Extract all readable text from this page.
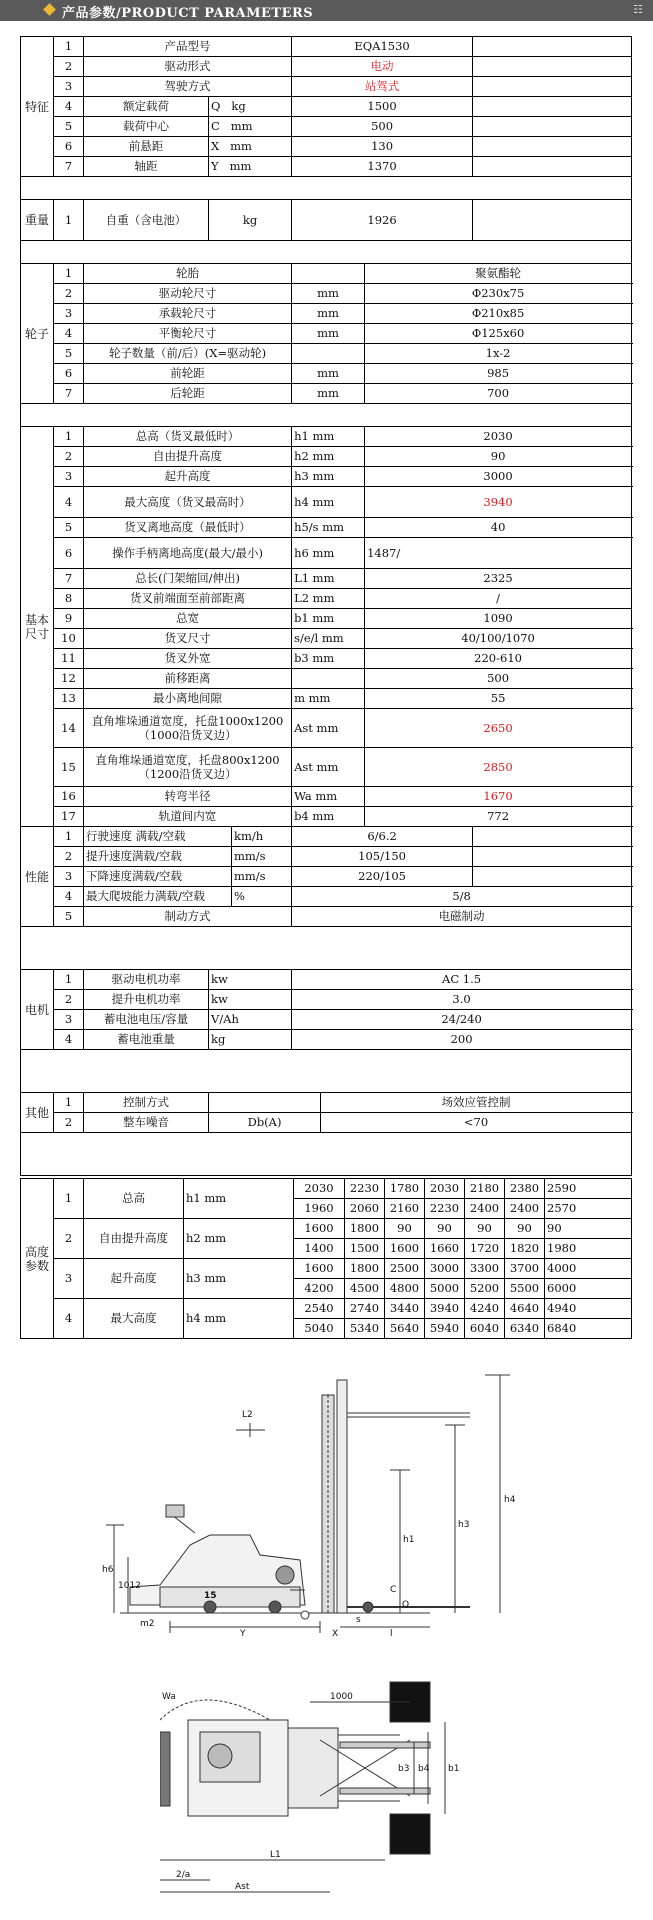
产品参数/PRODUCT PARAMETERS	☷
特征	1	产品型号			EQA1530				
	2	驱动形式			电动				
	3	驾驶方式			站驾式				
	4	额定载荷	Q kg		1500				
	5	载荷中心	C mm		500				
	6	前悬距	X mm		130				
	7	轴距	Y mm		1370				

重量	1	自重（含电池）	kg		1926				

轮子	1	轮胎					聚氨酯轮		
	2	驱动轮尺寸			mm		Φ230x75		
	3	承载轮尺寸			mm		Φ210x85		
	4	平衡轮尺寸			mm		Φ125x60		
	5	轮子数量（前/后）(X=驱动轮)					1x-2		
	6	前轮距			mm		985		
	7	后轮距			mm		700		

基本尺寸	1	总高（货叉最低时）			h1 mm		2030		
	2	自由提升高度			h2 mm		90		
	3	起升高度			h3 mm		3000		
	4	最大高度（货叉最高时）			h4 mm		3940		
	5	货叉离地高度（最低时）			h5/s mm		40		
	6	操作手柄离地高度(最大/最小)			h6 mm		1487/		
	7	总长(门架缩回/伸出)			L1 mm		2325	
	8	货叉前端面至前部距离			L2 mm		/	
	9	总宽			b1 mm		1090		
	10	货叉尺寸			s/e/l mm		40/100/1070		
	11	货叉外宽			b3 mm		220-610		
	12	前移距离					500		
	13	最小离地间隙			m mm		55		
	14	直角堆垛通道宽度，托盘1000x1200（1000沿货叉边）			Ast mm		2650		
	15	直角堆垛通道宽度，托盘800x1200（1200沿货叉边）			Ast mm		2850		
	16	转弯半径			Wa mm		1670		
	17	轨道间内宽			b4 mm		772		
性能	1	行驶速度 满载/空载		km/h	6/6.2				
	2	提升速度满载/空载		mm/s	105/150				
	3	下降速度满载/空载		mm/s	220/105				
	4	最大爬坡能力满载/空载		%	5/8				
	5	制动方式			电磁制动				

电机	1	驱动电机功率	kw		AC 1.5				
	2	提升电机功率	kw		3.0				
	3	蓄电池电压/容量	V/Ah		24/240				
	4	蓄电池重量	kg		200				

其他	1	控制方式				场效应管控制			
	2	整车噪音	Db(A)			<70			

高度参数	1	总高	h1 mm	2030	2230	1780	2030	2180	2380	2590
				1960	2060	2160	2230	2400	2400	2570
	2	自由提升高度	h2 mm	1600	1800	90	90	90	90	90
				1400	1500	1600	1660	1720	1820	1980
	3	起升高度	h3 mm	1600	1800	2500	3000	3300	3700	4000
				4200	4500	4800	5000	5200	5500	6000
	4	最大高度	h4 mm	2540	2740	3440	3940	4240	4640	4940
				5040	5340	5640	5940	6040	6340	6840
L2
h4
h3
h1
h6
1012	C
Q
m2
Y	X
s
l
15
Wa	1000
b3 b4 b1
L1
2/a
Ast
